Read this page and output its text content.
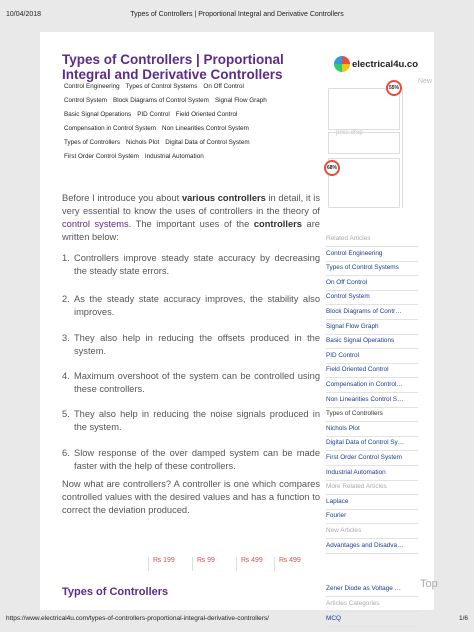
10/04/2018	Types of Controllers | Proportional Integral and Derivative Controllers
Types of Controllers | Proportional Integral and Derivative Controllers
Control Engineering Types of Control Systems On Off Control
Control System Block Diagrams of Control System Signal Flow Graph
Basic Signal Operations PID Control Field Oriented Control
Compensation in Control System Non Linearities Control System
Types of Controllers Nichols Plot Digital Data of Control System
First Order Control System Industrial Automation

Before I introduce you about various controllers in detail, it is very essential to know the uses of controllers in the theory of control systems. The important uses of the controllers are written below:

1. Controllers improve steady state accuracy by decreasing the steady state errors.
2. As the steady state accuracy improves, the stability also improves.
3. They also help in reducing the offsets produced in the system.
4. Maximum overshoot of the system can be controlled using these controllers.
5. They also help in reducing the noise signals produced in the system.
6. Slow response of the over damped system can be made faster with the help of these controllers.

Now what are controllers? A controller is one which compares controlled values with the desired values and has a function to correct the deviation produced.

₨ 199	₨ 99	₨ 499	₨ 499
Types of Controllers
electrical4u.co
New
55%
price drop
68%
Related Articles
Control Engineering
Types of Control Systems
On Off Control
Control System
Block Diagrams of Contr…
Signal Flow Graph
Basic Signal Operations
PID Control
Field Oriented Control
Compensation in Control…
Non Linearities Control S…
Types of Controllers
Nichols Plot
Digital Data of Control Sy…
First Order Control System
Industrial Automation
More Related Articles
Laplace
Fourier
New Articles
Advantages and Disadva…
Zener Diode as Voltage …
Articles Categories
MCQ
Top
https://www.electrical4u.com/types-of-controllers-proportional-integral-derivative-controllers/	1/6
